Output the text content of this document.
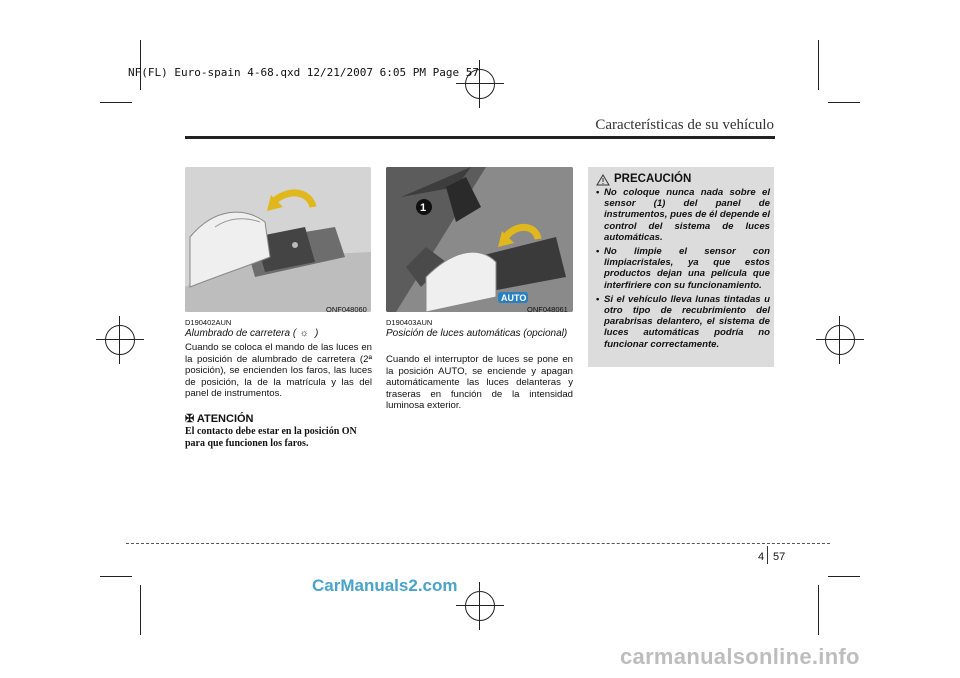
NF(FL) Euro-spain 4-68.qxd 12/21/2007 6:05 PM Page 57
Características de su vehículo
ONF048060
1
AUTO
ONF048061
D190402AUN
Alumbrado de carretera ( ☼ )
Cuando se coloca el mando de las luces en la posición de alumbrado de carretera (2ª posición), se encienden los faros, las luces de posición, la de la matrícula y las del panel de instrumentos.
✠ ATENCIÓN
El contacto debe estar en la posición ON para que funcionen los faros.
D190403AUN
Posición de luces automáticas (opcional)
Cuando el interruptor de luces se pone en la posición AUTO, se enciende y apagan automáticamente las luces delanteras y traseras en función de la intensidad luminosa exterior.
PRECAUCIÓN
• No coloque nunca nada sobre el sensor (1) del panel de instrumentos, pues de él depende el control del sistema de luces automáticas.
• No limpie el sensor con limpiacristales, ya que estos productos dejan una película que interfiriere con su funcionamiento.
• Si el vehículo lleva lunas tintadas u otro tipo de recubrimiento del parabrisas delantero, el sistema de luces automáticas podría no funcionar correctamente.
4 57
CarManuals2.com
carmanualsonline.info
